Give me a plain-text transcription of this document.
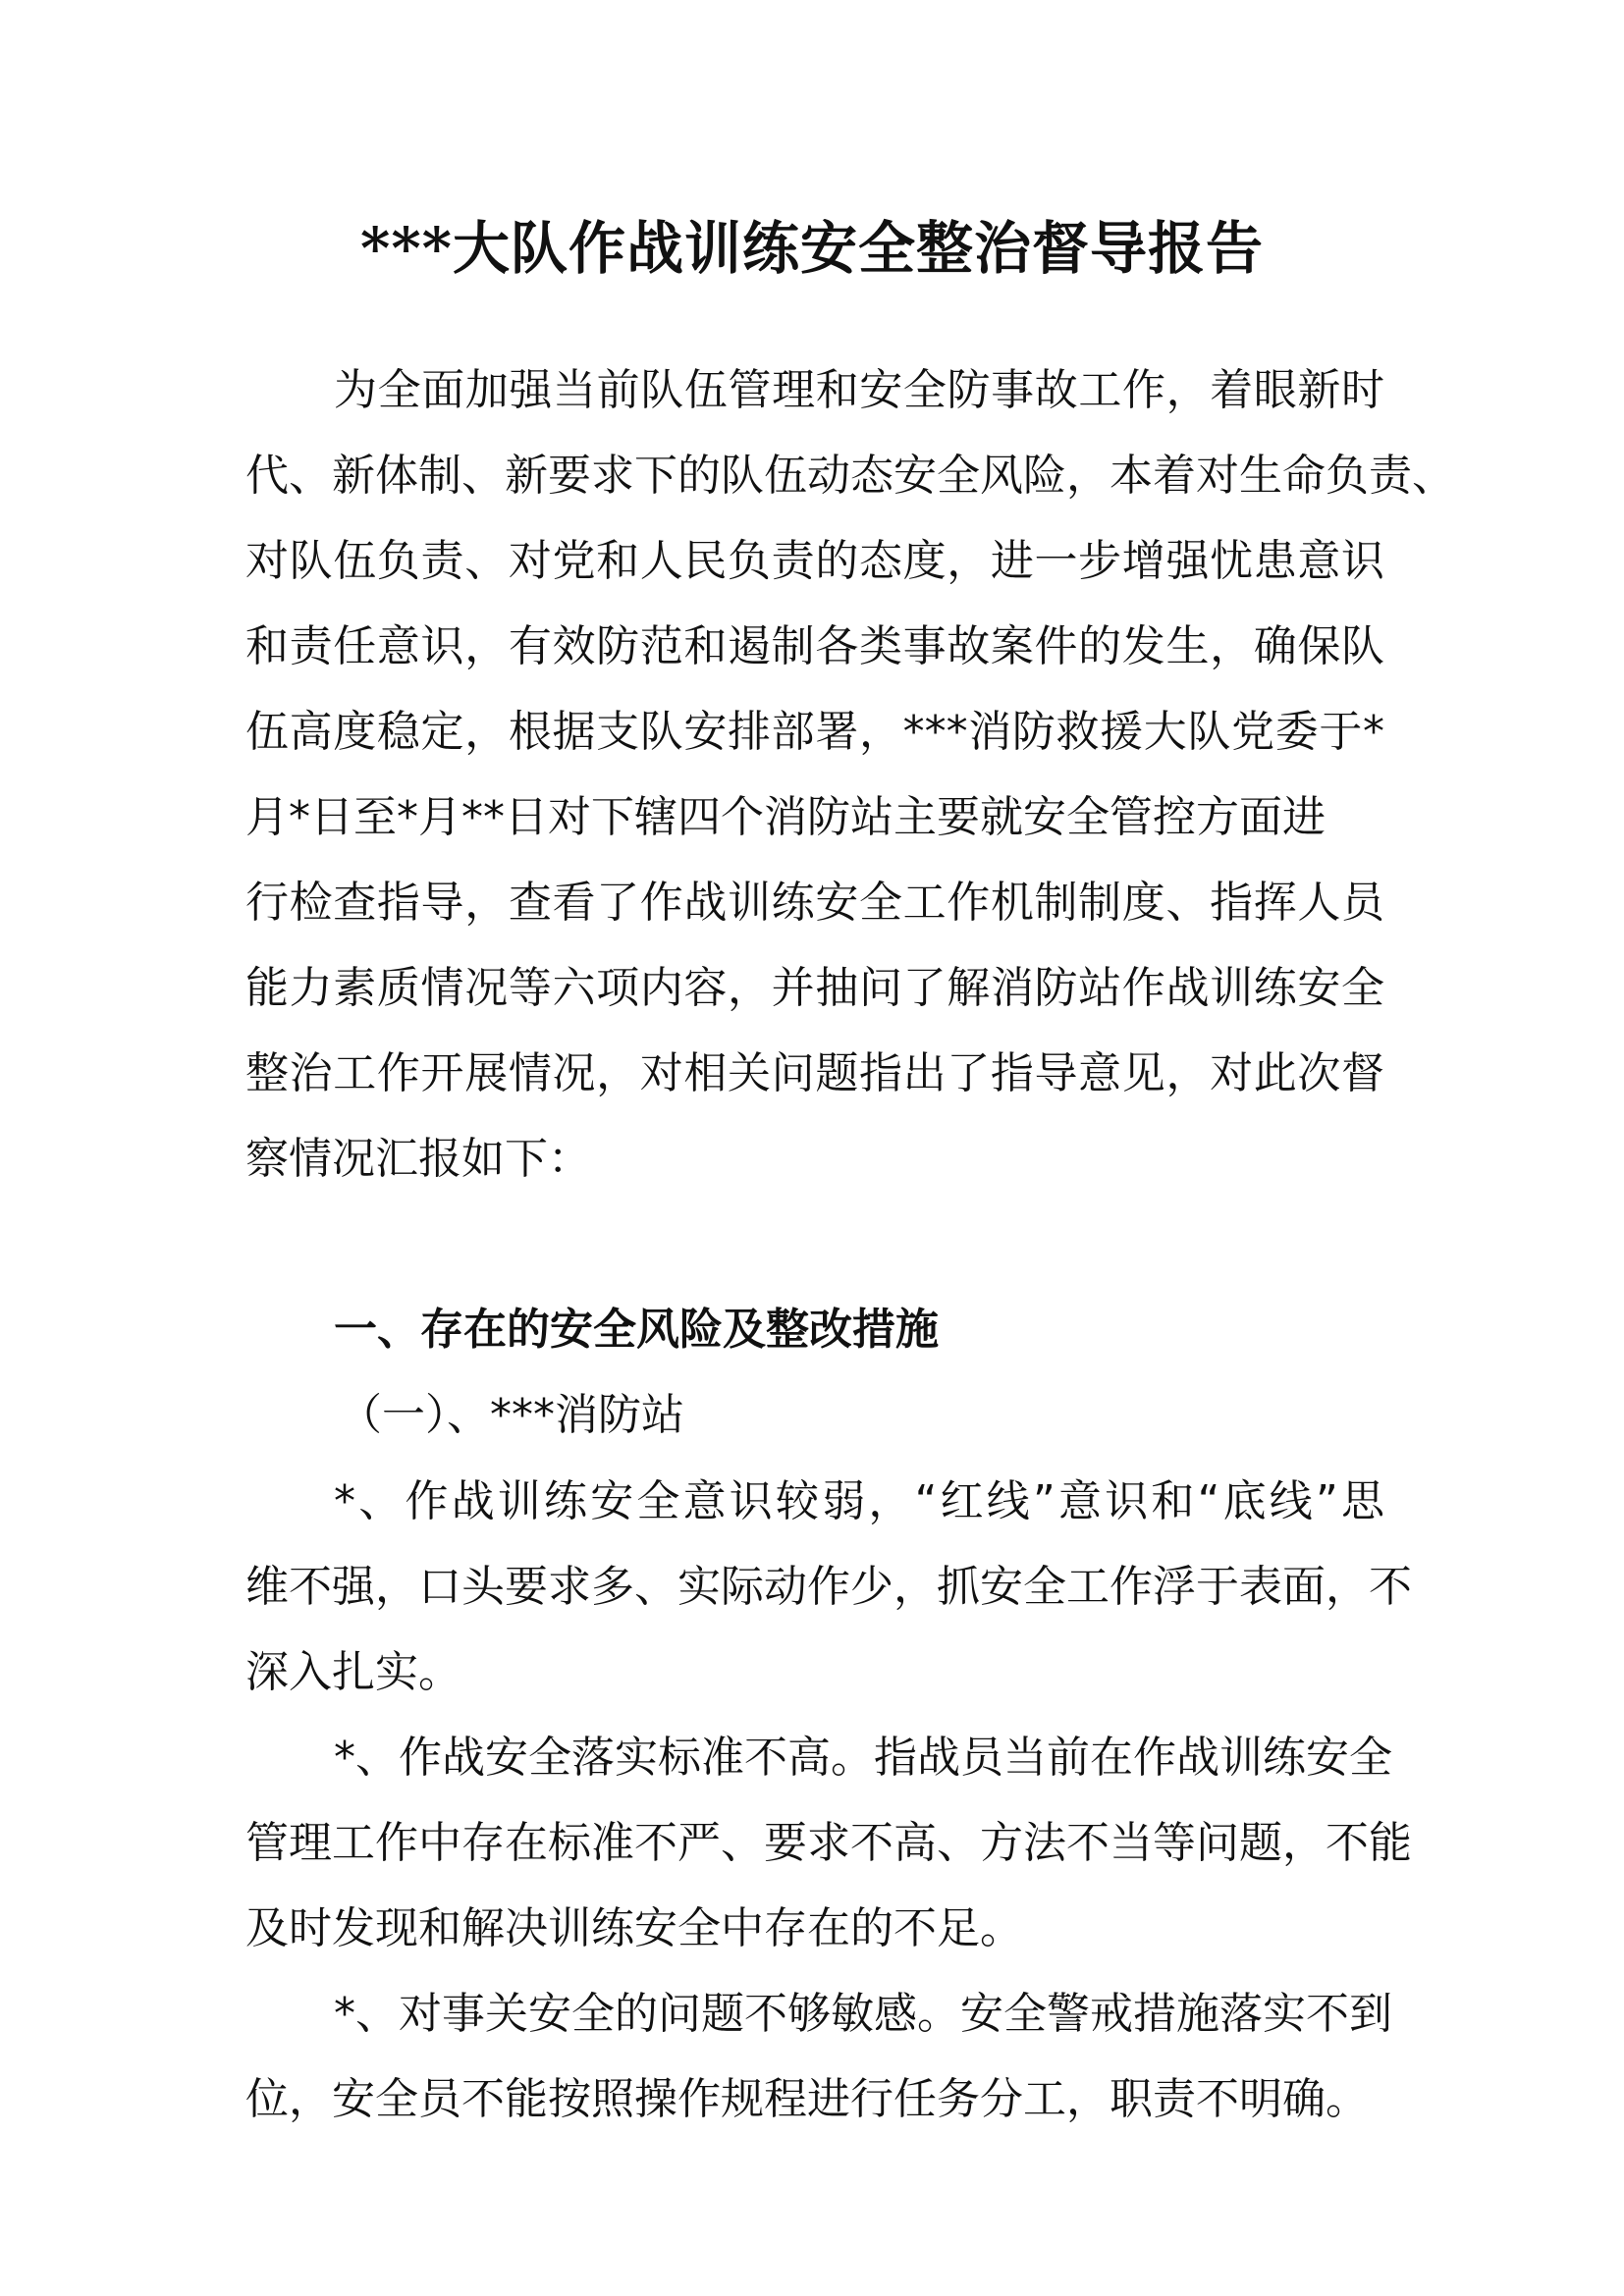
***大队作战训练安全整治督导报告

为全面加强当前队伍管理和安全防事故工作，着眼新时

代、新体制、新要求下的队伍动态安全风险，本着对生命负责、

对队伍负责、对党和人民负责的态度，进一步增强忧患意识

和责任意识，有效防范和遏制各类事故案件的发生，确保队

伍高度稳定，根据支队安排部署，***消防救援大队党委于*

月*日至*月**日对下辖四个消防站主要就安全管控方面进

行检查指导，查看了作战训练安全工作机制制度、指挥人员

能力素质情况等六项内容，并抽问了解消防站作战训练安全

整治工作开展情况，对相关问题指出了指导意见，对此次督

察情况汇报如下：

一、存在的安全风险及整改措施

（一）、***消防站

*、作战训练安全意识较弱，“红线”意识和“底线”思

维不强，口头要求多、实际动作少，抓安全工作浮于表面，不

深入扎实。

*、作战安全落实标准不高。指战员当前在作战训练安全

管理工作中存在标准不严、要求不高、方法不当等问题，不能

及时发现和解决训练安全中存在的不足。

*、对事关安全的问题不够敏感。安全警戒措施落实不到

位，安全员不能按照操作规程进行任务分工，职责不明确。
